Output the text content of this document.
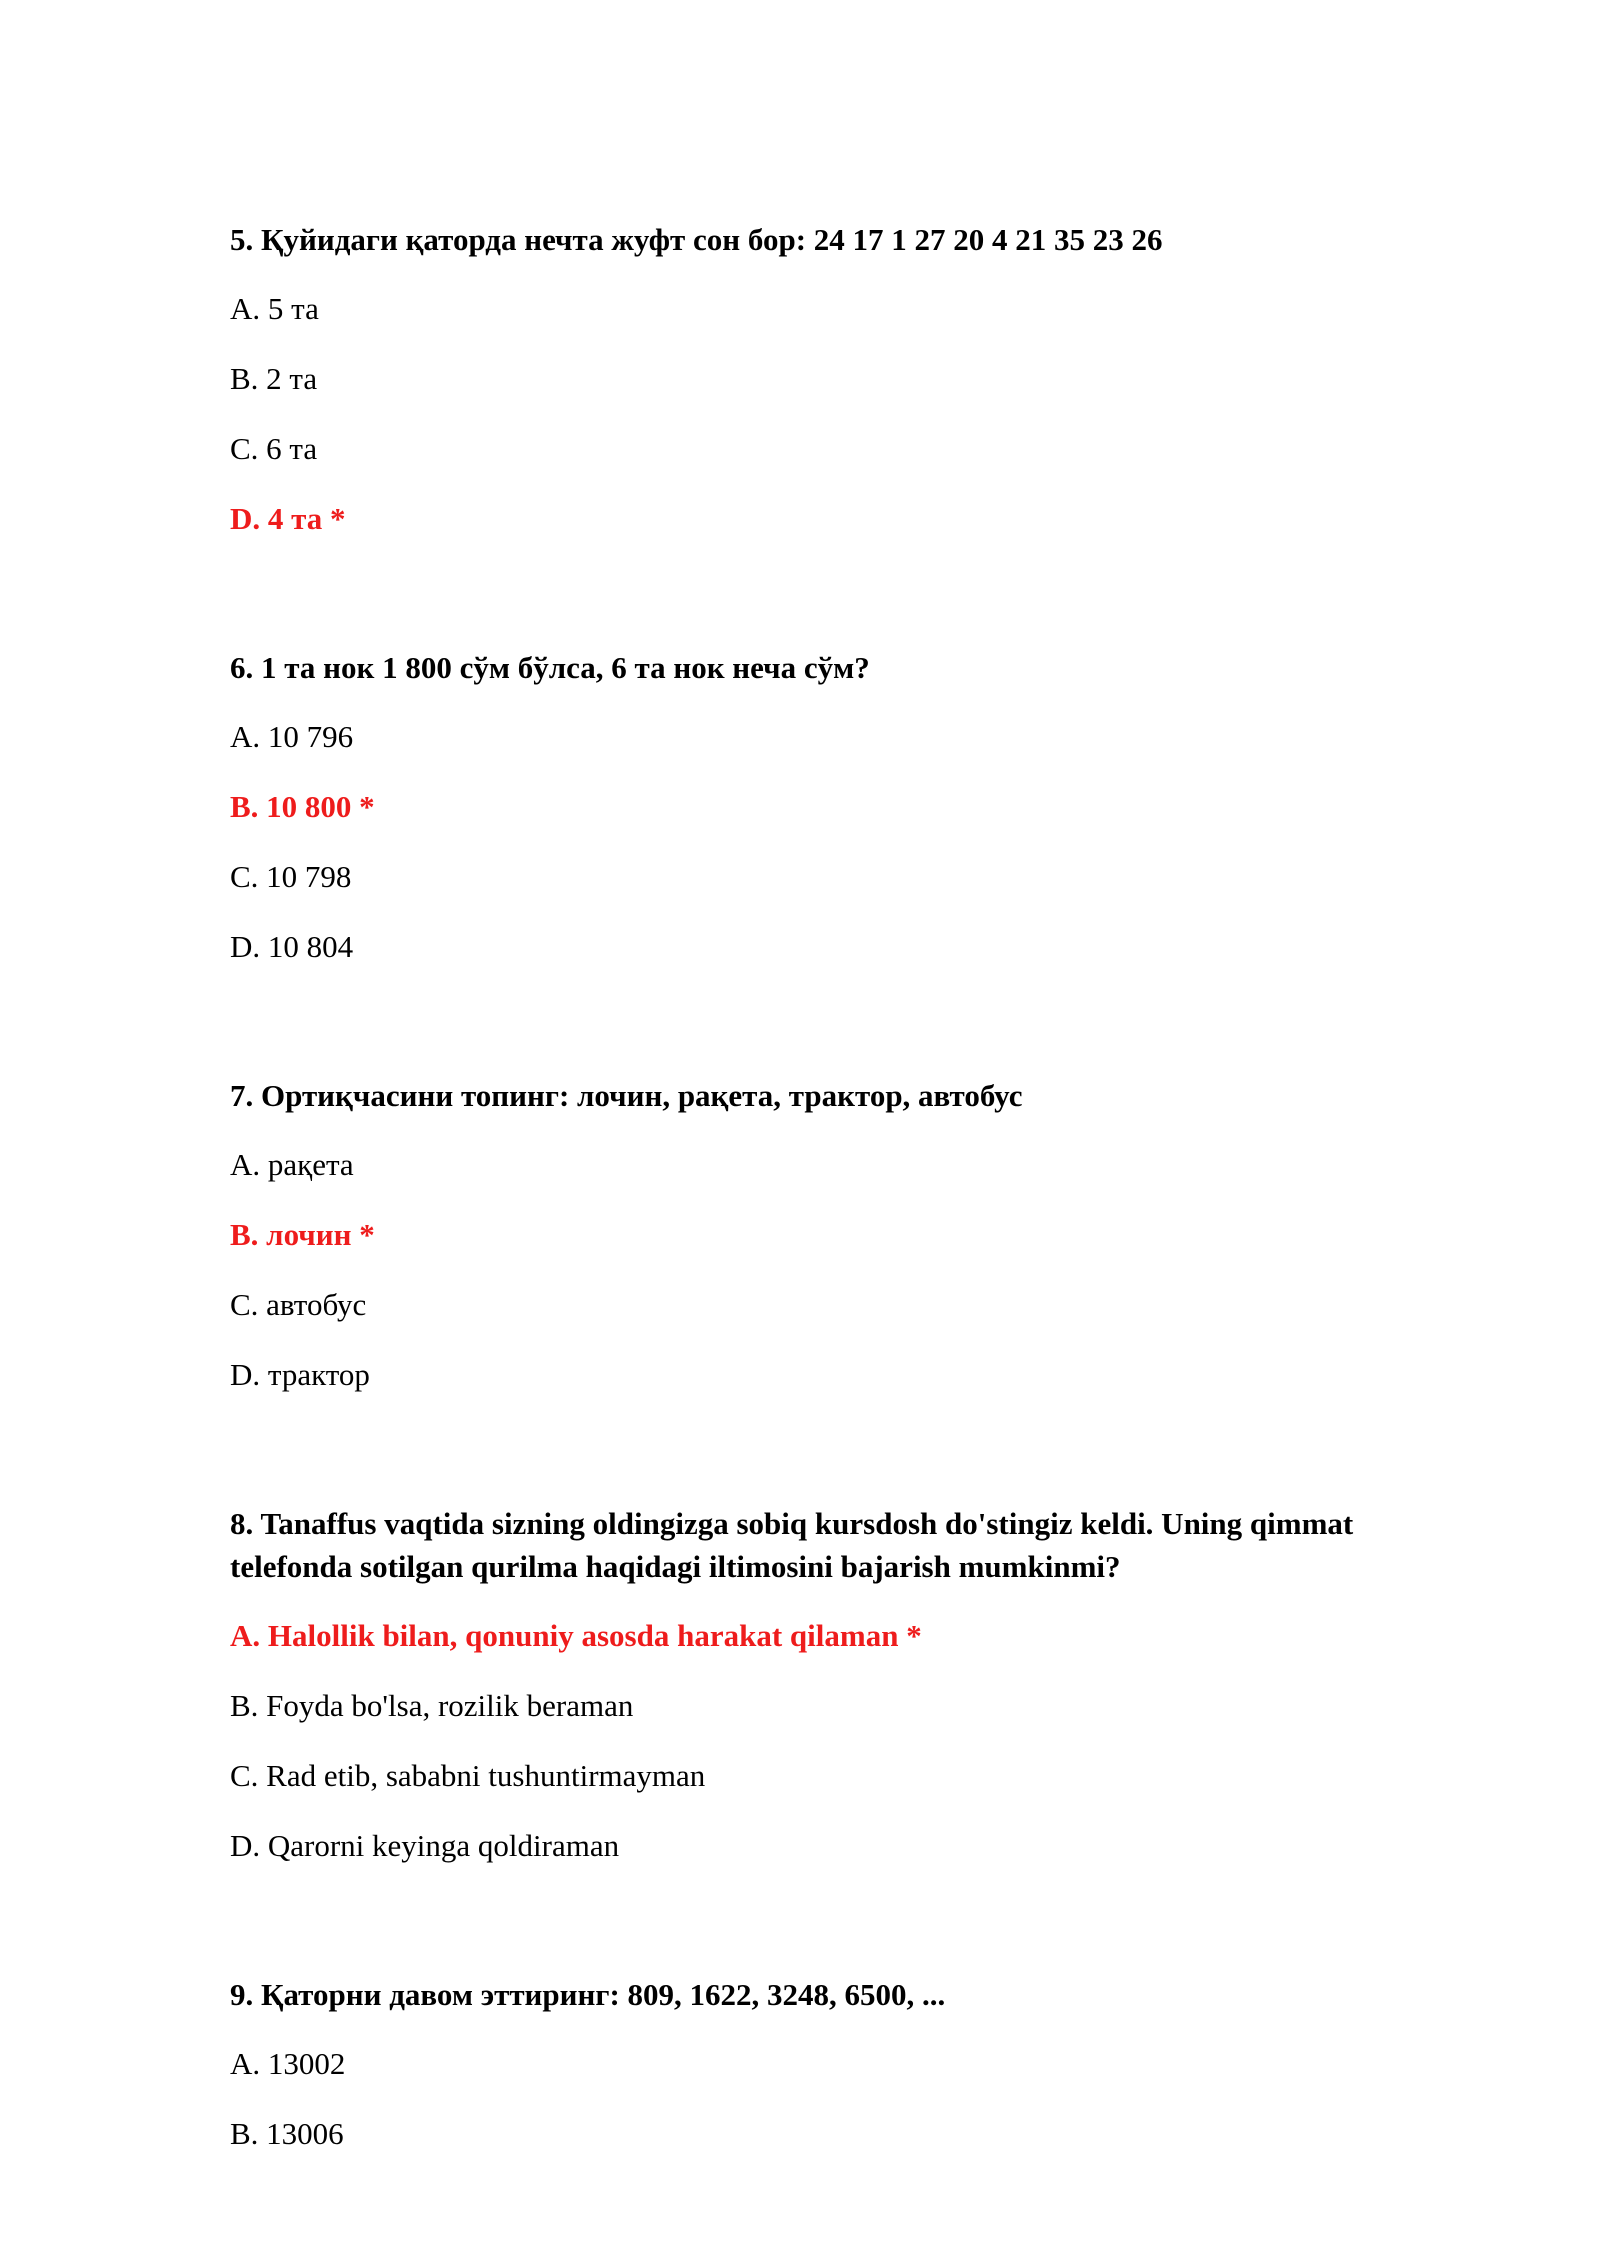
5. Қуйидаги қаторда нечта жуфт сон бор: 24 17 1 27 20 4 21 35 23 26
A. 5 та
B. 2 та
C. 6 та
D. 4 та *
6. 1 та нок 1 800 сўм бўлса, 6 та нок неча сўм?
A. 10 796
B. 10 800 *
C. 10 798
D. 10 804
7. Ортиқчасини топинг: лочин, рақета, трактор, автобус
A. рақета
B. лочин *
C. автобус
D. трактор
8. Tanaffus vaqtida sizning oldingizga sobiq kursdosh do'stingiz keldi. Uning qimmat telefonda sotilgan qurilma haqidagi iltimosini bajarish mumkinmi?
A. Halollik bilan, qonuniy asosda harakat qilaman *
B. Foyda bo'lsa, rozilik beraman
C. Rad etib, sababni tushuntirmayman
D. Qarorni keyinga qoldiraman
9. Қаторни давом эттиринг: 809, 1622, 3248, 6500, ...
A. 13002
B. 13006
